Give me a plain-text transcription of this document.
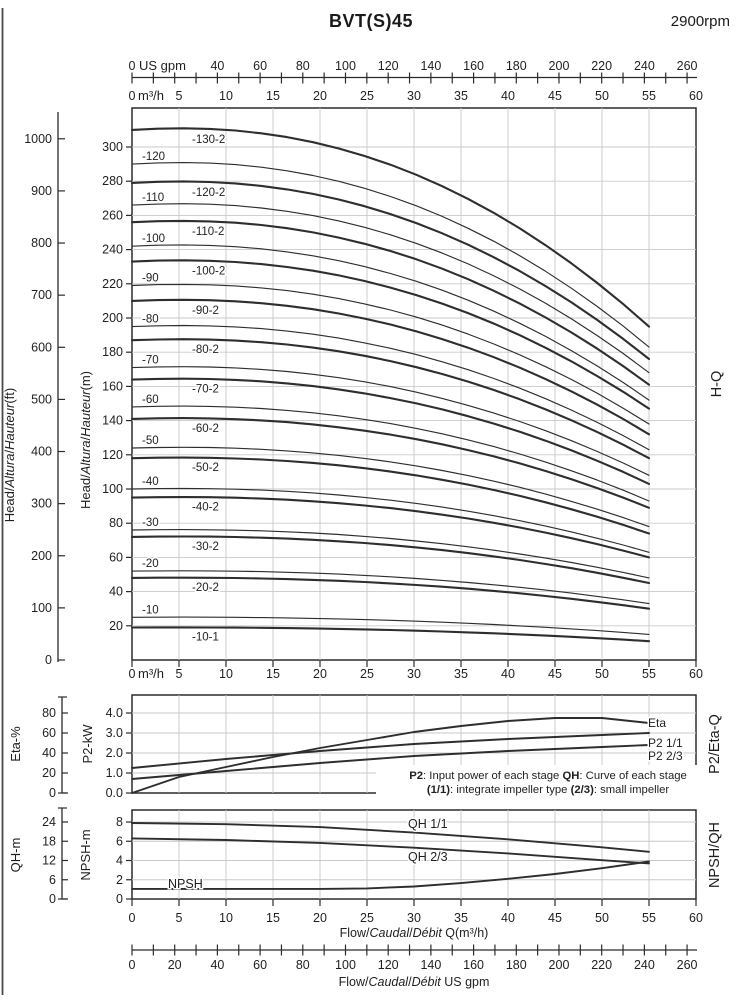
BVT(S)45	2900rpm
0 US gpm 40 60 80 100 120 140 160 180 200 220 240 260
0 m³/h 5	10	15	20	25	30	35	40	45	50	55	60
0
100
200
300
400
500
600
700
800
900
1000
Head/Altura/Hauteur(ft)
20
40
60
80
100
120
140
160
180
200
220
240
260
280
300
Head/Altura/Hauteur(m)
-130-2
-120
-120-2
-110
-110-2
-100
-100-2
-90
-90-2
-80
-80-2
-70
-70-2
-60
-60-2
-50
-50-2
-40
-40-2
-30
-30-2
-20
-20-2
-10
-10-1
0 m³/h 5	10	15	20	25	30	35	40	45	50	55	60
0
20
40
60
80
Eta-%
0.0
1.0
2.0
3.0
4.0
P2-kW
Eta
P2 1/1
P2 2/3
P2: Input power of each stage QH: Curve of each stage
(1/1): integrate impeller type (2/3): small impeller
0
6
12
18
24
QH-m
0
2
4
6
8
NPSH-m
QH 1/1
QH 2/3
NPSH
0	5	10	15	20	25	30	35	40	45	50	55	60
Flow/Caudal/Débit Q(m³/h)
0	20 40 60 80 100 120 140 160 180 200 220 240 260
Flow/Caudal/Débit US gpm
H-Q
P2/Eta-Q
NPSH/QH
